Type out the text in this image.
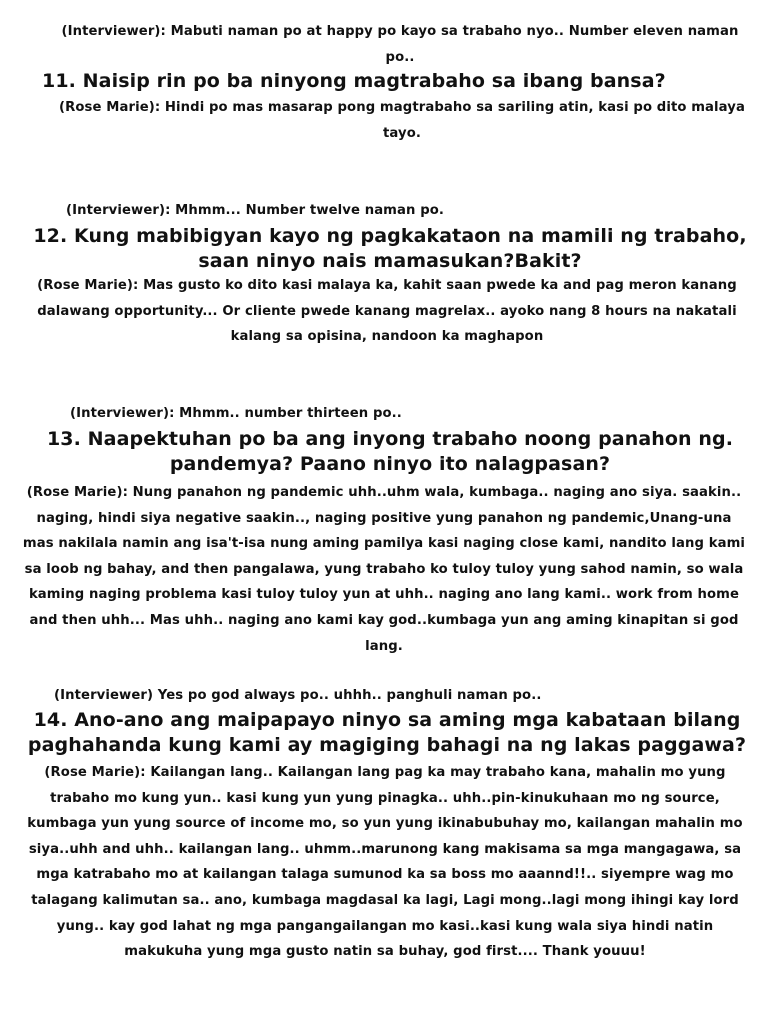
(Interviewer): Mabuti naman po at happy po kayo sa trabaho nyo.. Number eleven naman po..
11. Naisip rin po ba ninyong magtrabaho sa ibang bansa?
(Rose Marie): Hindi po mas masarap pong magtrabaho sa sariling atin, kasi po dito malaya tayo.
(Interviewer): Mhmm... Number twelve naman po.
12. Kung mabibigyan kayo ng pagkakataon na mamili ng trabaho, saan ninyo nais mamasukan?Bakit?
(Rose Marie): Mas gusto ko dito kasi malaya ka, kahit saan pwede ka and pag meron kanang dalawang opportunity... Or cliente pwede kanang magrelax.. ayoko nang 8 hours na nakatali kalang sa opisina, nandoon ka maghapon
(Interviewer): Mhmm.. number thirteen po..
13. Naapektuhan po ba ang inyong trabaho noong panahon ng. pandemya? Paano ninyo ito nalagpasan?
(Rose Marie): Nung panahon ng pandemic uhh..uhm wala, kumbaga.. naging ano siya. saakin.. naging, hindi siya negative saakin.., naging positive yung panahon ng pandemic,Unang-una mas nakilala namin ang isa't-isa nung aming pamilya kasi naging close kami, nandito lang kami sa loob ng bahay, and then pangalawa, yung trabaho ko tuloy tuloy yung sahod namin, so wala kaming naging problema kasi tuloy tuloy yun at uhh.. naging ano lang kami.. work from home and then uhh... Mas uhh.. naging ano kami kay god..kumbaga yun ang aming kinapitan si god lang.
(Interviewer) Yes po god always po.. uhhh.. panghuli naman po..
14. Ano-ano ang maipapayo ninyo sa aming mga kabataan bilang paghahanda kung kami ay magiging bahagi na ng lakas paggawa?
(Rose Marie): Kailangan lang.. Kailangan lang pag ka may trabaho kana, mahalin mo yung trabaho mo kung yun.. kasi kung yun yung pinagka.. uhh..pin-kinukuhaan mo ng source, kumbaga yun yung source of income mo, so yun yung ikinabubuhay mo, kailangan mahalin mo siya..uhh and uhh.. kailangan lang.. uhmm..marunong kang makisama sa mga mangagawa, sa mga katrabaho mo at kailangan talaga sumunod ka sa boss mo aaannd!!.. siyempre wag mo talagang kalimutan sa.. ano, kumbaga magdasal ka lagi, Lagi mong..lagi mong ihingi kay lord yung.. kay god lahat ng mga pangangailangan mo kasi..kasi kung wala siya hindi natin makukuha yung mga gusto natin sa buhay, god first.... Thank youuu!
